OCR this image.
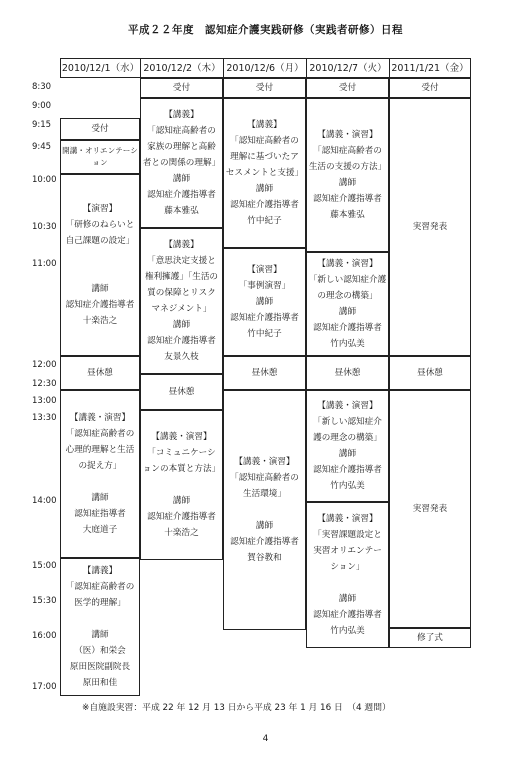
平成２２年度　認知症介護実践研修（実践者研修）日程
8:30
9:00
9:15
9:45
10:00
10:30
11:00
12:00
12:30
13:00
13:30
14:00
15:00
15:30
16:00
17:00
2010/12/1（水） 2010/12/2（木） 2010/12/6（月） 2010/12/7（火） 2011/1/21（金）
受付
開講・オリエンテーション
【演習】
「研修のねらいと
自己課題の設定」

講師
認知症介護指導者
十楽浩之
昼休憩
【講義・演習】
「認知症高齢者の
心理的理解と生活
の捉え方」

講師
認知症指導者
大庭道子
【講義】
「認知症高齢者の
医学的理解」

講師
（医）和栄会
原田医院副院長
原田和佳
受付
【講義】
「認知症高齢者の
家族の理解と高齢
者との関係の理解」
講師
認知症介護指導者
藤本雅弘
【講義】
「意思決定支援と
権利擁護」「生活の
質の保障とリスク
マネジメント」
講師
認知症介護指導者
友景久枝
昼休憩
【講義・演習】
「コミュニケーシ
ョンの本質と方法」

講師
認知症介護指導者
十楽浩之
受付
【講義】
「認知症高齢者の
理解に基づいたア
セスメントと支援」
講師
認知症介護指導者
竹中紀子
【演習】
「事例演習」
講師
認知症介護指導者
竹中紀子
昼休憩
【講義・演習】
「認知症高齢者の
生活環境」

講師
認知症介護指導者
賀谷教和
受付
【講義・演習】
「認知症高齢者の
生活の支援の方法」
講師
認知症介護指導者
藤本雅弘
【講義・演習】
「新しい認知症介護
の理念の構築」
講師
認知症介護指導者
竹内弘美
昼休憩
【講義・演習】
「新しい認知症介
護の理念の構築」
講師
認知症介護指導者
竹内弘美
【講義・演習】
「実習課題設定と
実習オリエンテー
ション」

講師
認知症介護指導者
竹内弘美
受付
実習発表
昼休憩
実習発表
修了式
※自施設実習：平成 22 年 12 月 13 日から平成 23 年 1 月 16 日　（4 週間）
4
